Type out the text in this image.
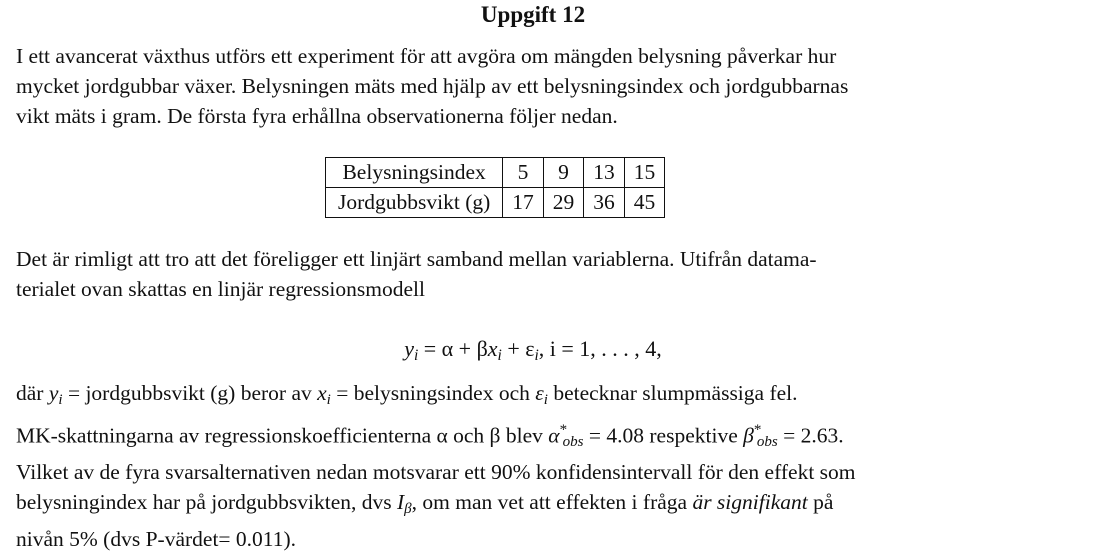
Uppgift 12

I ett avancerat växthus utförs ett experiment för att avgöra om mängden belysning påverkar hur
mycket jordgubbar växer. Belysningen mäts med hjälp av ett belysningsindex och jordgubbarnas
vikt mäts i gram. De första fyra erhållna observationerna följer nedan.

Belysningsindex	5	9	13	15
Jordgubbsvikt (g)	17	29	36	45

Det är rimligt att tro att det föreligger ett linjärt samband mellan variablerna. Utifrån datama-
terialet ovan skattas en linjär regressionsmodell

$y_i = \alpha + \beta x_i + \varepsilon_i$, i = 1, . . . , 4,

där $y_i$ = jordgubbsvikt (g) beror av $x_i$ = belysningsindex och $\varepsilon_i$ betecknar slumpmässiga fel.
MK-skattningarna av regressionskoefficienterna α och β blev $\alpha^*_{obs} = 4.08$ respektive $\beta^*_{obs} = 2.63$.
Vilket av de fyra svarsalternativen nedan motsvarar ett 90% konfidensintervall för den effekt som
belysningindex har på jordgubbsvikten, dvs $I_\beta$, om man vet att effekten i fråga är signifikant på
nivån 5% (dvs P-värdet= 0.011).
